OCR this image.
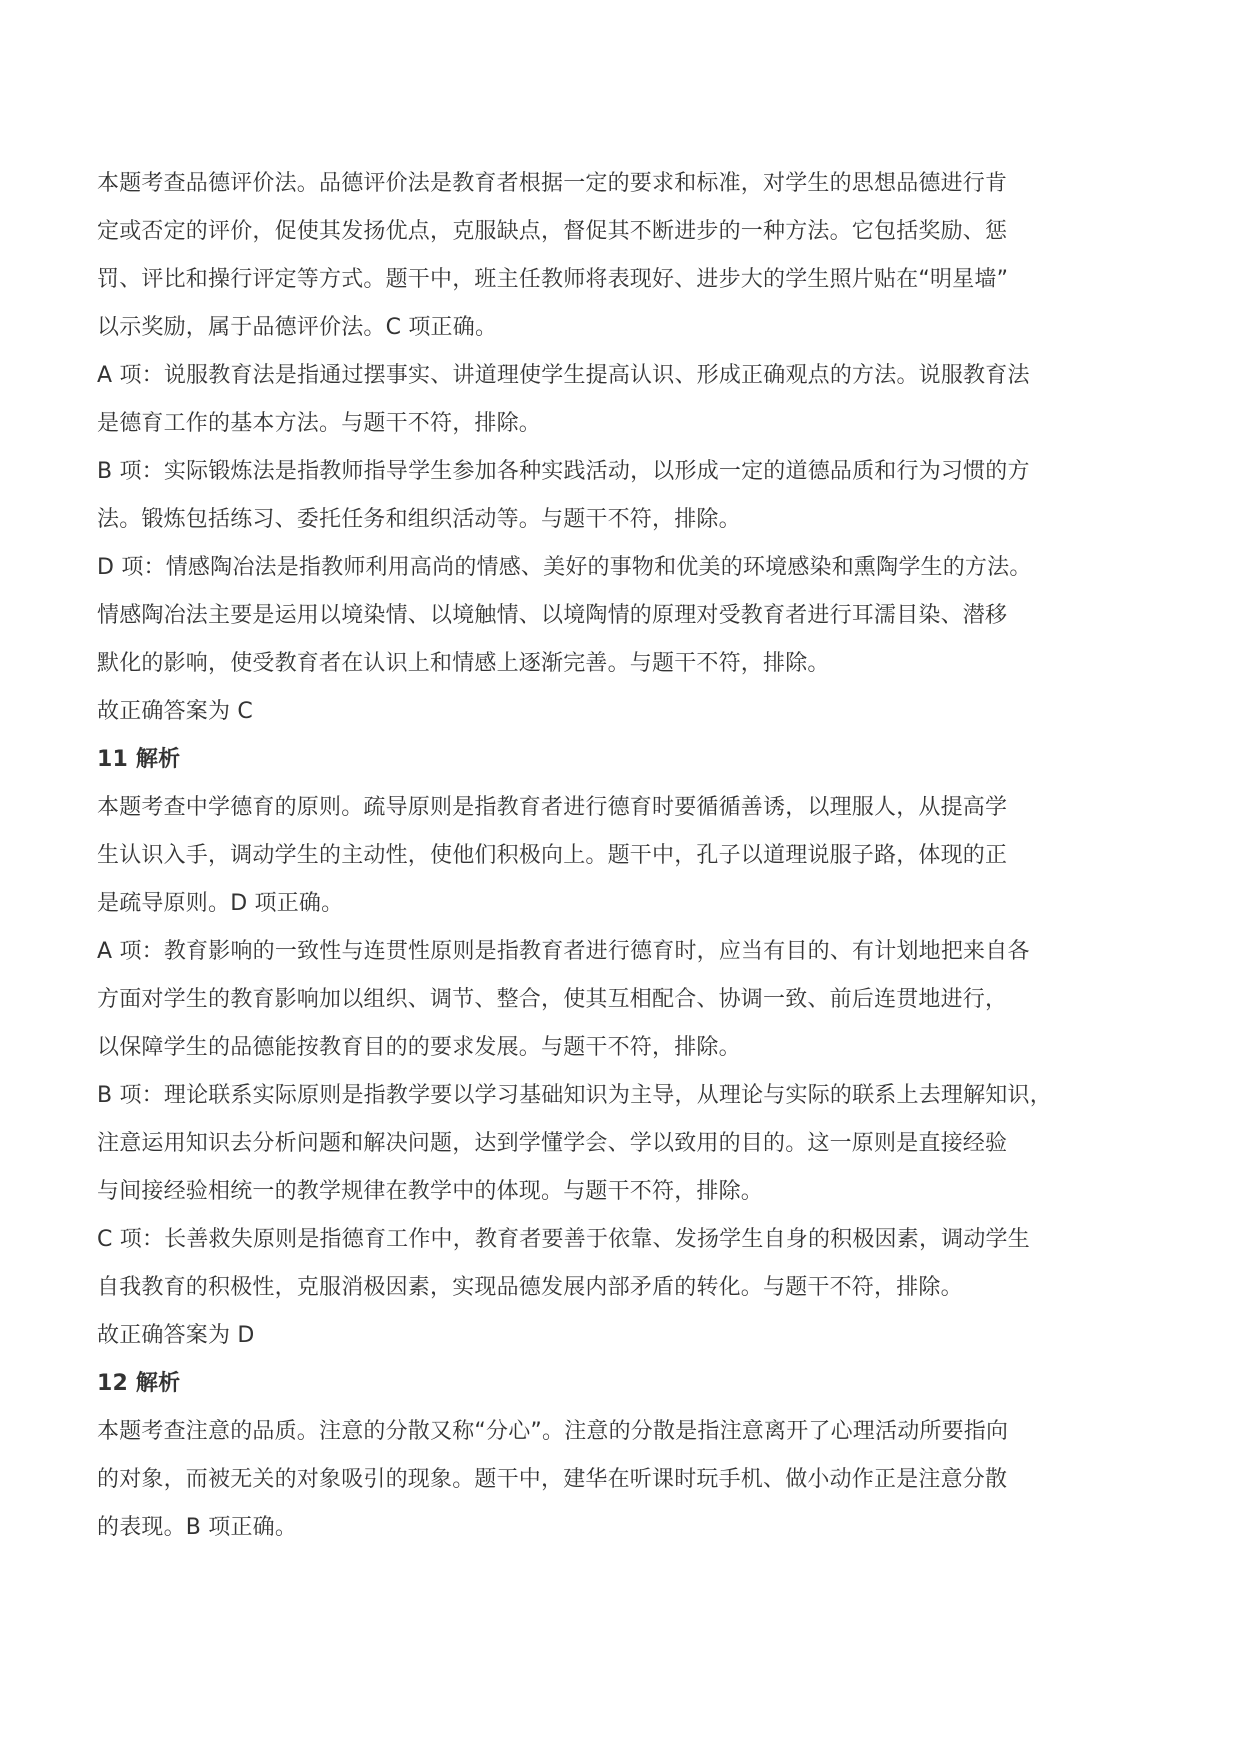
本题考查品德评价法。品德评价法是教育者根据一定的要求和标准，对学生的思想品德进行肯
定或否定的评价，促使其发扬优点，克服缺点，督促其不断进步的一种方法。它包括奖励、惩
罚、评比和操行评定等方式。题干中，班主任教师将表现好、进步大的学生照片贴在“明星墙”
以示奖励，属于品德评价法。C 项正确。
A 项：说服教育法是指通过摆事实、讲道理使学生提高认识、形成正确观点的方法。说服教育法
是德育工作的基本方法。与题干不符，排除。
B 项：实际锻炼法是指教师指导学生参加各种实践活动，以形成一定的道德品质和行为习惯的方
法。锻炼包括练习、委托任务和组织活动等。与题干不符，排除。
D 项：情感陶冶法是指教师利用高尚的情感、美好的事物和优美的环境感染和熏陶学生的方法。
情感陶冶法主要是运用以境染情、以境触情、以境陶情的原理对受教育者进行耳濡目染、潜移
默化的影响，使受教育者在认识上和情感上逐渐完善。与题干不符，排除。
故正确答案为 C
11 解析
本题考查中学德育的原则。疏导原则是指教育者进行德育时要循循善诱，以理服人，从提高学
生认识入手，调动学生的主动性，使他们积极向上。题干中，孔子以道理说服子路，体现的正
是疏导原则。D 项正确。
A 项：教育影响的一致性与连贯性原则是指教育者进行德育时，应当有目的、有计划地把来自各
方面对学生的教育影响加以组织、调节、整合，使其互相配合、协调一致、前后连贯地进行，
以保障学生的品德能按教育目的的要求发展。与题干不符，排除。
B 项：理论联系实际原则是指教学要以学习基础知识为主导，从理论与实际的联系上去理解知识，
注意运用知识去分析问题和解决问题，达到学懂学会、学以致用的目的。这一原则是直接经验
与间接经验相统一的教学规律在教学中的体现。与题干不符，排除。
C 项：长善救失原则是指德育工作中，教育者要善于依靠、发扬学生自身的积极因素，调动学生
自我教育的积极性，克服消极因素，实现品德发展内部矛盾的转化。与题干不符，排除。
故正确答案为 D
12 解析
本题考查注意的品质。注意的分散又称“分心”。注意的分散是指注意离开了心理活动所要指向
的对象，而被无关的对象吸引的现象。题干中，建华在听课时玩手机、做小动作正是注意分散
的表现。B 项正确。
